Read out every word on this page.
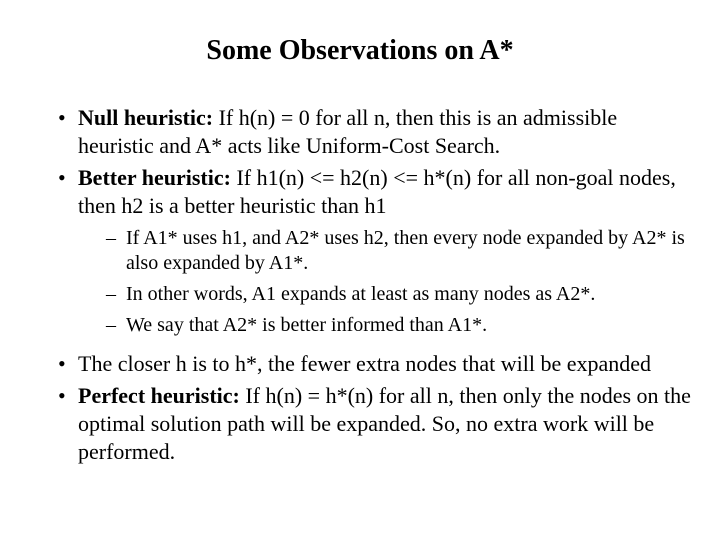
Some Observations on A*
• Null heuristic: If h(n) = 0 for all n, then this is an admissible heuristic and A* acts like Uniform-Cost Search.
• Better heuristic: If h1(n) <= h2(n) <= h*(n) for all non-goal nodes, then h2 is a better heuristic than h1
– If A1* uses h1, and A2* uses h2, then every node expanded by A2* is also expanded by A1*.
– In other words, A1 expands at least as many nodes as A2*.
– We say that A2* is better informed than A1*.
• The closer h is to h*, the fewer extra nodes that will be expanded
• Perfect heuristic: If h(n) = h*(n) for all n, then only the nodes on the optimal solution path will be expanded. So, no extra work will be performed.
